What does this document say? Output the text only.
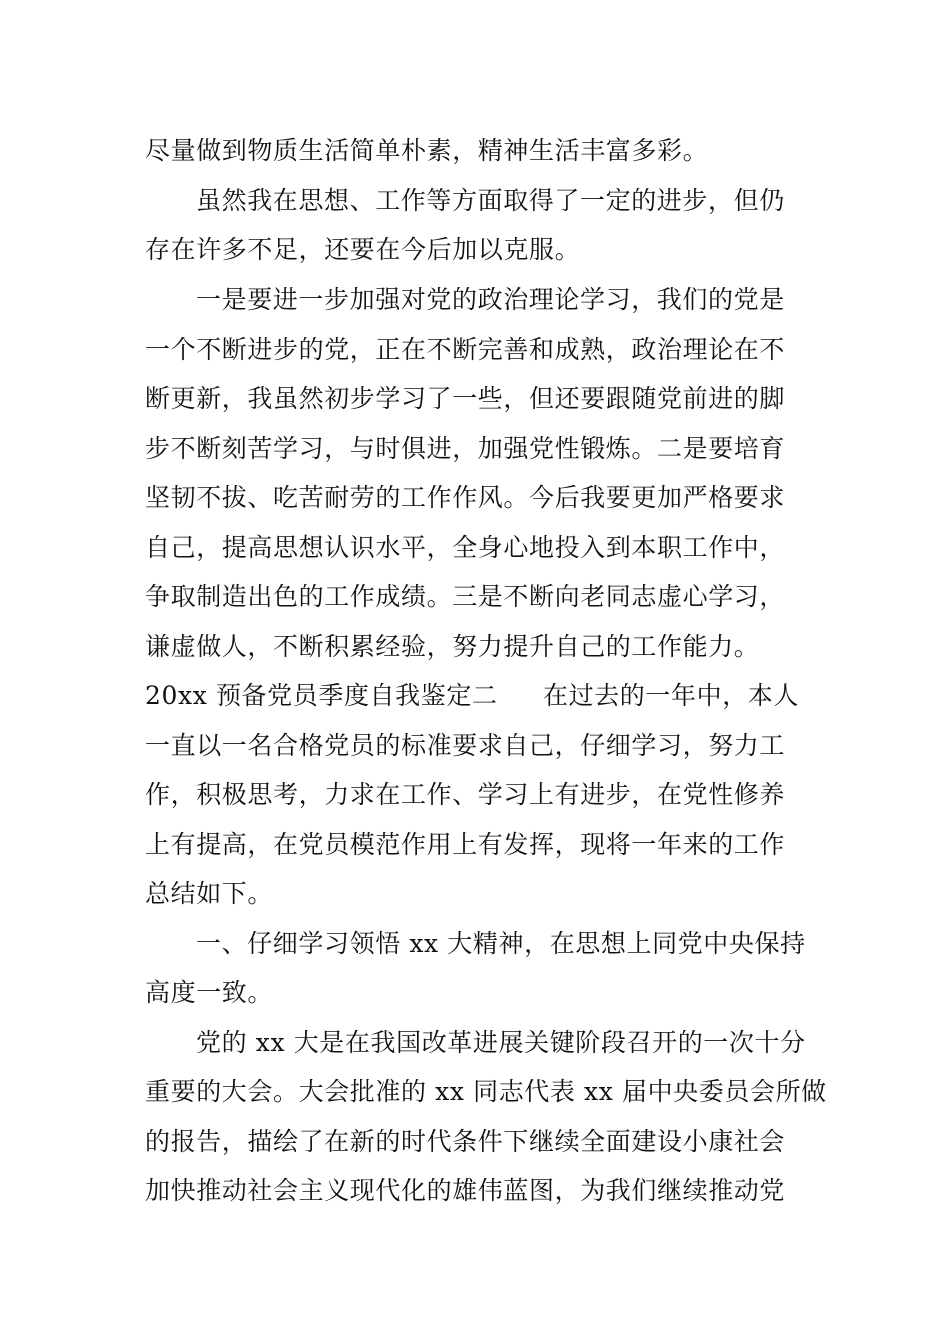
尽量做到物质生活简单朴素，精神生活丰富多彩。
虽然我在思想、工作等方面取得了一定的进步，但仍
存在许多不足，还要在今后加以克服。
一是要进一步加强对党的政治理论学习，我们的党是
一个不断进步的党，正在不断完善和成熟，政治理论在不
断更新，我虽然初步学习了一些，但还要跟随党前进的脚
步不断刻苦学习，与时俱进，加强党性锻炼。二是要培育
坚韧不拔、吃苦耐劳的工作作风。今后我要更加严格要求
自己，提高思想认识水平，全身心地投入到本职工作中，
争取制造出色的工作成绩。三是不断向老同志虚心学习，
谦虚做人，不断积累经验，努力提升自己的工作能力。
20xx 预备党员季度自我鉴定二 在过去的一年中，本人
一直以一名合格党员的标准要求自己，仔细学习，努力工
作，积极思考，力求在工作、学习上有进步，在党性修养
上有提高，在党员模范作用上有发挥，现将一年来的工作
总结如下。
一、仔细学习领悟 xx 大精神，在思想上同党中央保持
高度一致。
党的 xx 大是在我国改革进展关键阶段召开的一次十分
重要的大会。大会批准的 xx 同志代表 xx 届中央委员会所做
的报告，描绘了在新的时代条件下继续全面建设小康社会
加快推动社会主义现代化的雄伟蓝图，为我们继续推动党
